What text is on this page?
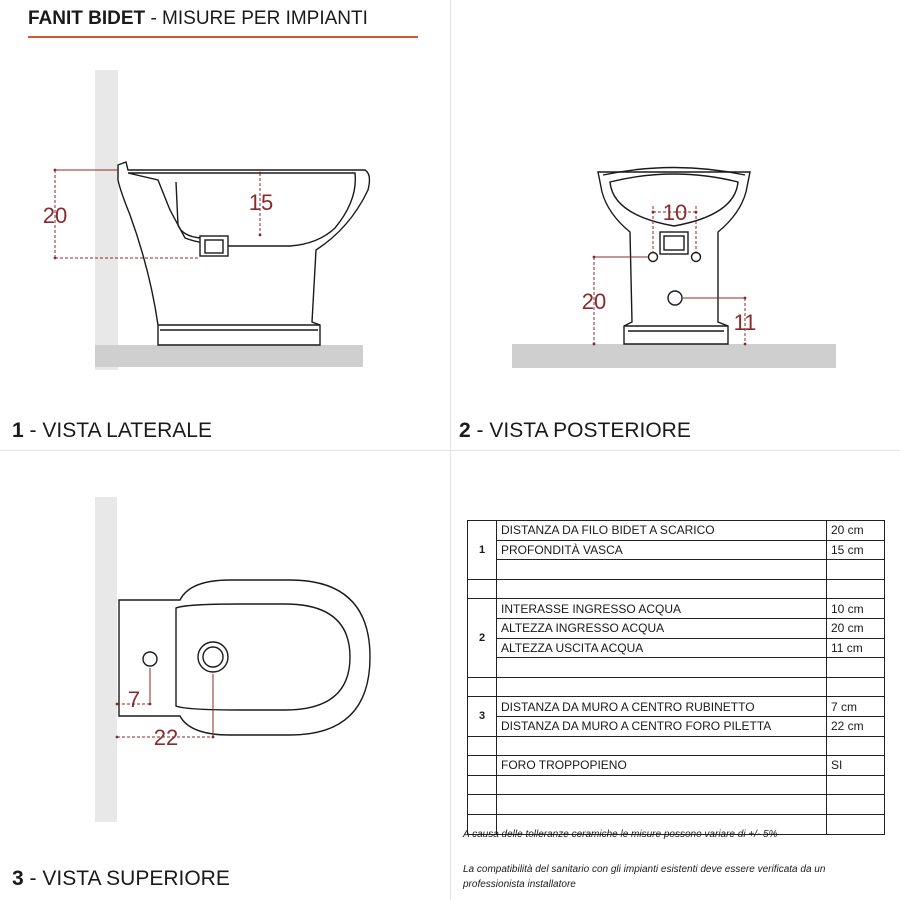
FANIT BIDET - MISURE PER IMPIANTI
20
15	10
20
11
7
22
1 - VISTA LATERALE	2 - VISTA POSTERIORE
3 - VISTA SUPERIORE
1	DISTANZA DA FILO BIDET A SCARICO	20 cm
	PROFONDITÀ VASCA	15 cm

2	INTERASSE INGRESSO ACQUA	10 cm
	ALTEZZA INGRESSO ACQUA	20 cm
	ALTEZZA USCITA ACQUA	11 cm

3	DISTANZA DA MURO A CENTRO RUBINETTO	7 cm
	DISTANZA DA MURO A CENTRO FORO PILETTA	22 cm

	FORO TROPPOPIENO	SI

A causa delle tolleranze ceramiche le misure possono variare di +/- 5%
La compatibilità del sanitario con gli impianti esistenti deve essere verificata da un professionista installatore
